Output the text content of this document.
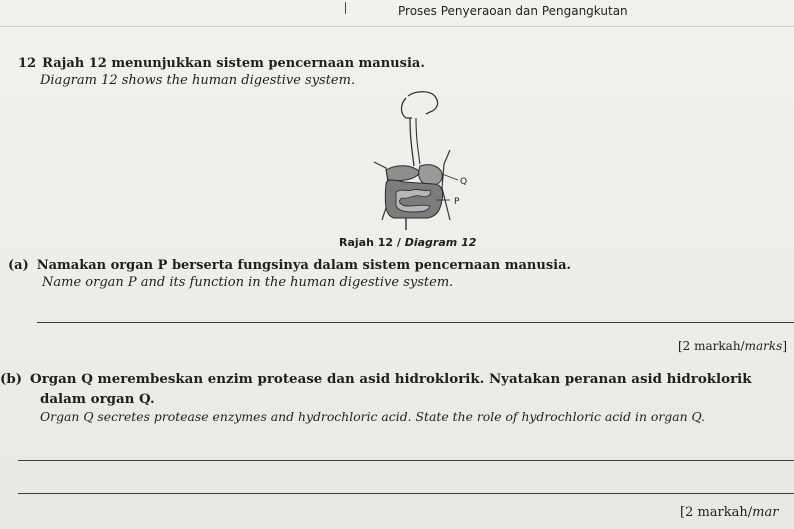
Proses Penyeraoan dan Pengangkutan
12 Rajah 12 menunjukkan sistem pencernaan manusia.
Diagram 12 shows the human digestive system.
Q
P
Rajah 12 / Diagram 12
(a) Namakan organ P berserta fungsinya dalam sistem pencernaan manusia.
Name organ P and its function in the human digestive system.
[2 markah/marks]
(b) Organ Q merembeskan enzim protease dan asid hidroklorik. Nyatakan peranan asid hidroklorik
dalam organ Q.
Organ Q secretes protease enzymes and hydrochloric acid. State the role of hydrochloric acid in organ Q.
[2 markah/mar
